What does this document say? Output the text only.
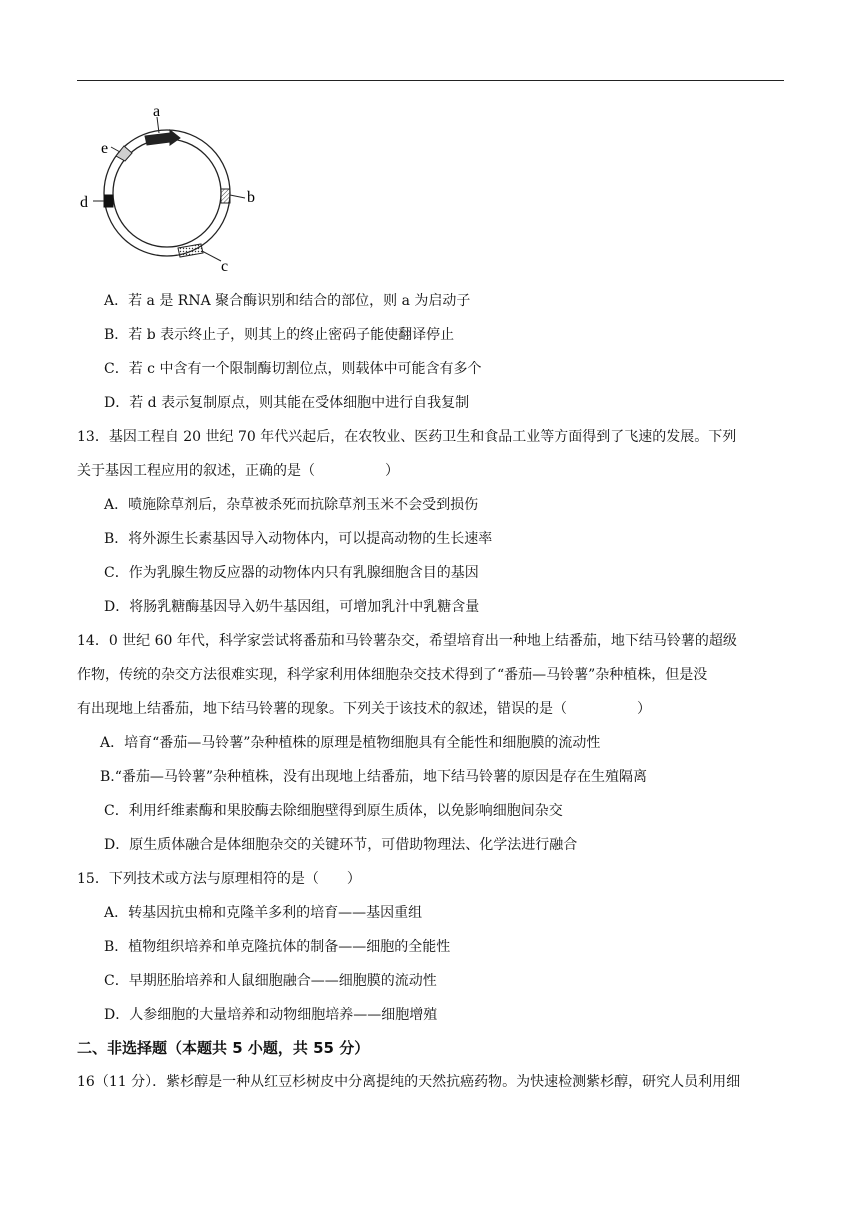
a
e
d	b
c
A．若 a 是 RNA 聚合酶识别和结合的部位，则 a 为启动子
B．若 b 表示终止子，则其上的终止密码子能使翻译停止
C．若 c 中含有一个限制酶切割位点，则载体中可能含有多个
D．若 d 表示复制原点，则其能在受体细胞中进行自我复制
13．基因工程自 20 世纪 70 年代兴起后，在农牧业、医药卫生和食品工业等方面得到了飞速的发展。下列
关于基因工程应用的叙述，正确的是（　　　　　）
A．喷施除草剂后，杂草被杀死而抗除草剂玉米不会受到损伤
B．将外源生长素基因导入动物体内，可以提高动物的生长速率
C．作为乳腺生物反应器的动物体内只有乳腺细胞含目的基因
D．将肠乳糖酶基因导入奶牛基因组，可增加乳汁中乳糖含量
14．0 世纪 60 年代，科学家尝试将番茄和马铃薯杂交，希望培育出一种地上结番茄，地下结马铃薯的超级
作物，传统的杂交方法很难实现，科学家利用体细胞杂交技术得到了“番茄—马铃薯”杂种植株，但是没
有出现地上结番茄，地下结马铃薯的现象。下列关于该技术的叙述，错误的是（　　　　　）
A．培育“番茄—马铃薯”杂种植株的原理是植物细胞具有全能性和细胞膜的流动性
B.“番茄—马铃薯”杂种植株，没有出现地上结番茄，地下结马铃薯的原因是存在生殖隔离
C．利用纤维素酶和果胶酶去除细胞壁得到原生质体，以免影响细胞间杂交
D．原生质体融合是体细胞杂交的关键环节，可借助物理法、化学法进行融合
15．下列技术或方法与原理相符的是（　　）
A．转基因抗虫棉和克隆羊多利的培育——基因重组
B．植物组织培养和单克隆抗体的制备——细胞的全能性
C．早期胚胎培养和人鼠细胞融合——细胞膜的流动性
D．人参细胞的大量培养和动物细胞培养——细胞增殖
二、非选择题（本题共 5 小题，共 55 分）
16（11 分）．紫杉醇是一种从红豆杉树皮中分离提纯的天然抗癌药物。为快速检测紫杉醇，研究人员利用细
